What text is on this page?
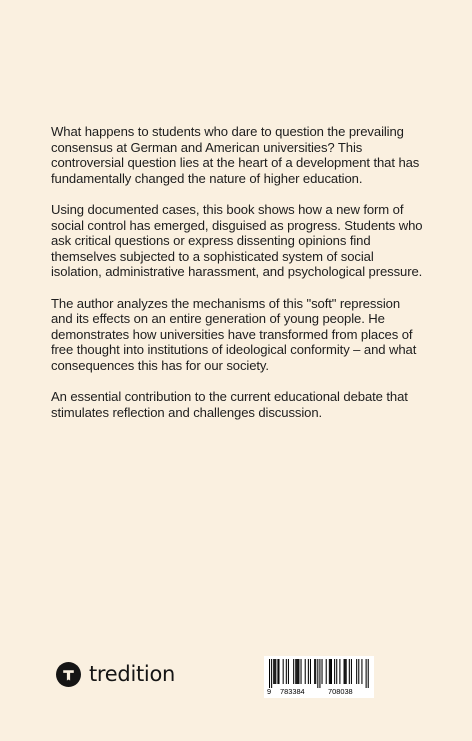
What happens to students who dare to question the prevailing consensus at German and American universities? This controversial question lies at the heart of a development that has fundamentally changed the nature of higher education.

Using documented cases, this book shows how a new form of social control has emerged, disguised as progress. Students who ask critical questions or express dissenting opinions find themselves subjected to a sophisticated system of social isolation, administrative harassment, and psychological pressure.

The author analyzes the mechanisms of this "soft" repression and its effects on an entire generation of young people. He demonstrates how universities have transformed from places of free thought into institutions of ideological conformity – and what consequences this has for our society.

An essential contribution to the current educational debate that stimulates reflection and challenges discussion.

tredition
9 783384	708038
